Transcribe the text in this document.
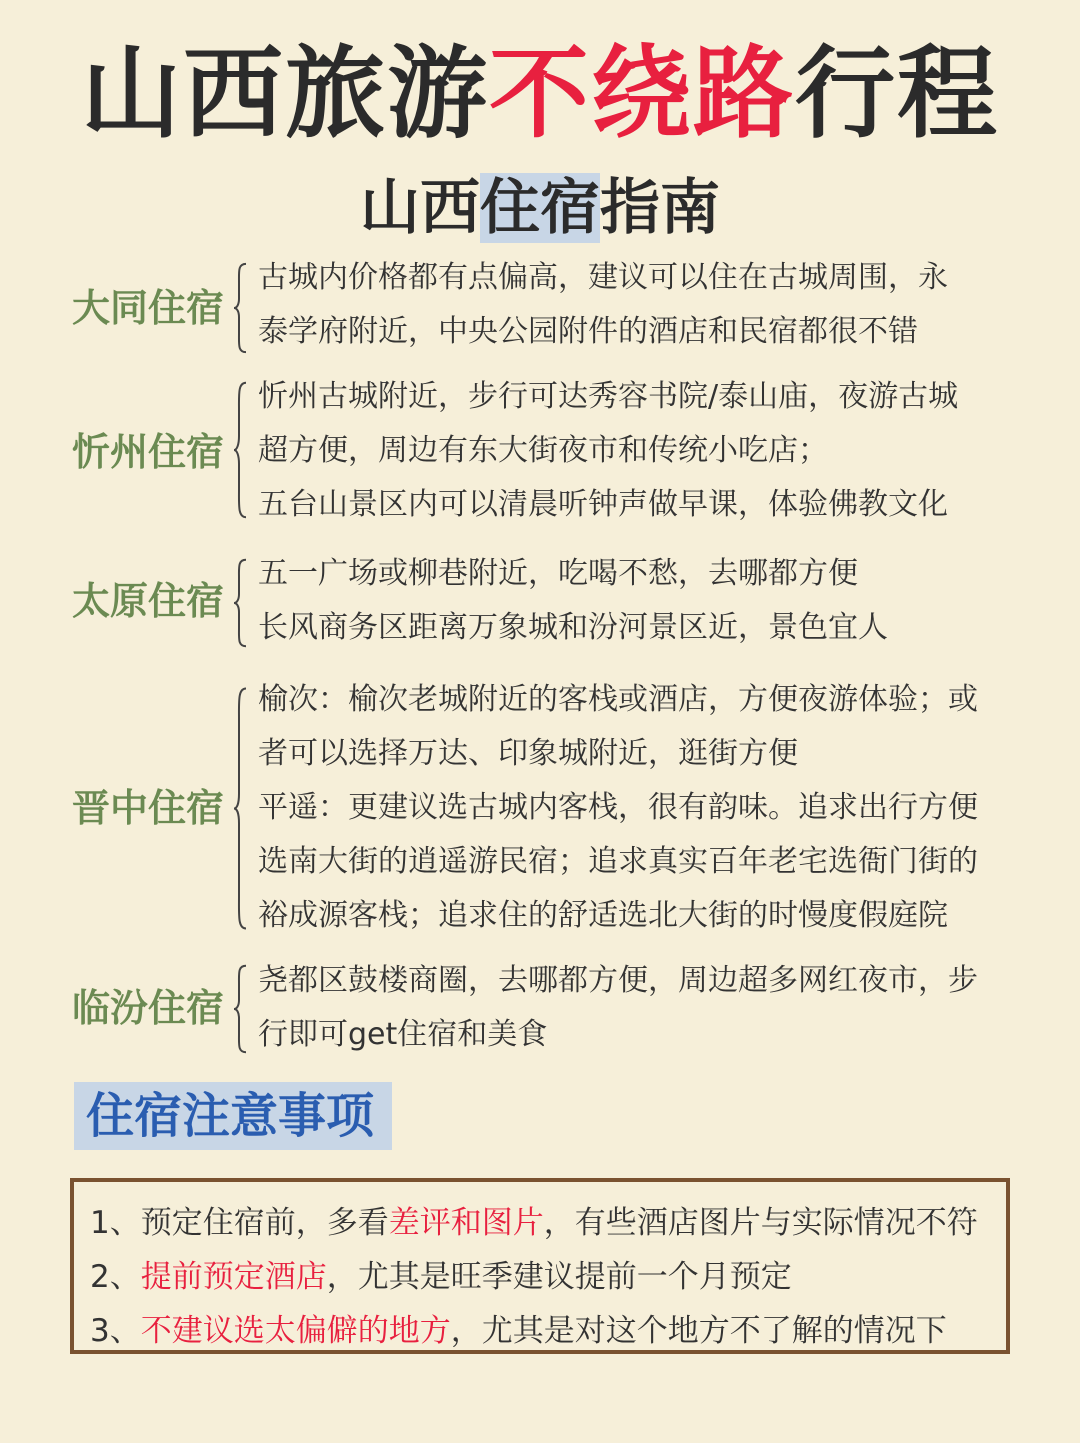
山西旅游不绕路行程
山西住宿指南
大同住宿
古城内价格都有点偏高，建议可以住在古城周围，永
泰学府附近，中央公园附件的酒店和民宿都很不错
忻州住宿
忻州古城附近，步行可达秀容书院/泰山庙，夜游古城
超方便，周边有东大街夜市和传统小吃店；
五台山景区内可以清晨听钟声做早课，体验佛教文化
太原住宿
五一广场或柳巷附近，吃喝不愁，去哪都方便
长风商务区距离万象城和汾河景区近，景色宜人
晋中住宿
榆次：榆次老城附近的客栈或酒店，方便夜游体验；或
者可以选择万达、印象城附近，逛街方便
平遥：更建议选古城内客栈，很有韵味。追求出行方便
选南大街的逍遥游民宿；追求真实百年老宅选衙门街的
裕成源客栈；追求住的舒适选北大街的时慢度假庭院
临汾住宿
尧都区鼓楼商圈，去哪都方便，周边超多网红夜市，步
行即可get住宿和美食
住宿注意事项
1、预定住宿前，多看差评和图片，有些酒店图片与实际情况不符
2、提前预定酒店，尤其是旺季建议提前一个月预定
3、不建议选太偏僻的地方，尤其是对这个地方不了解的情况下
